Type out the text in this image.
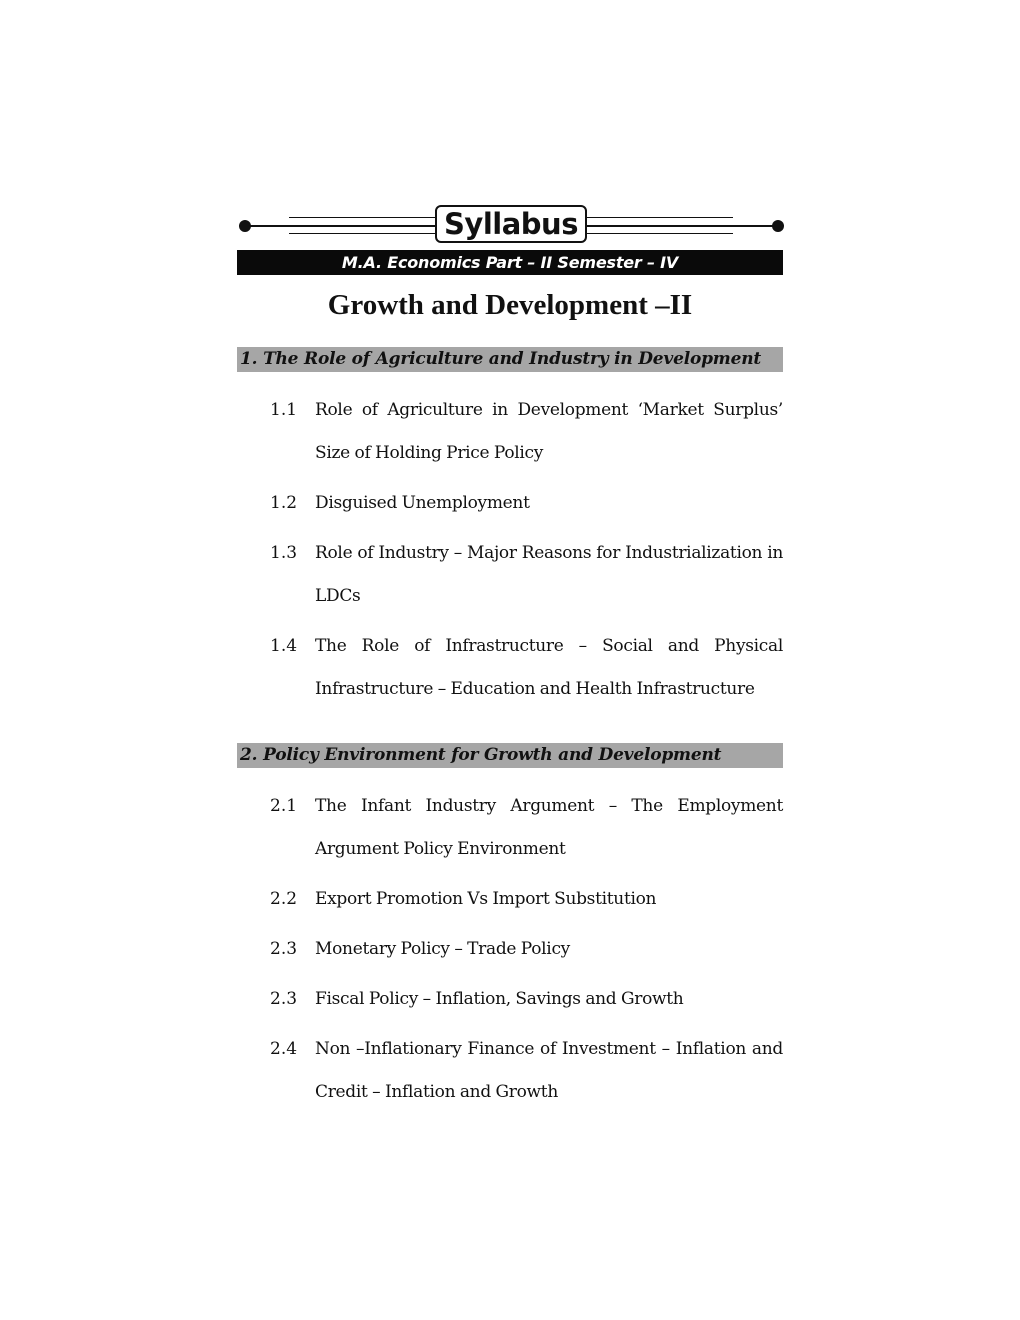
Syllabus
M.A. Economics Part – II Semester – IV
Growth and Development –II
1. The Role of Agriculture and Industry in Development
1.1	Role of Agriculture in Development ‘Market Surplus’ Size of Holding Price Policy
1.2	Disguised Unemployment
1.3	Role of Industry – Major Reasons for Industrialization in LDCs
1.4	The Role of Infrastructure – Social and Physical Infrastructure – Education and Health Infrastructure
2. Policy Environment for Growth and Development
2.1	The Infant Industry Argument – The Employment Argument Policy Environment
2.2	Export Promotion Vs Import Substitution
2.3	Monetary Policy – Trade Policy
2.3	Fiscal Policy – Inflation, Savings and Growth
2.4	Non –Inflationary Finance of Investment – Inflation and Credit – Inflation and Growth
